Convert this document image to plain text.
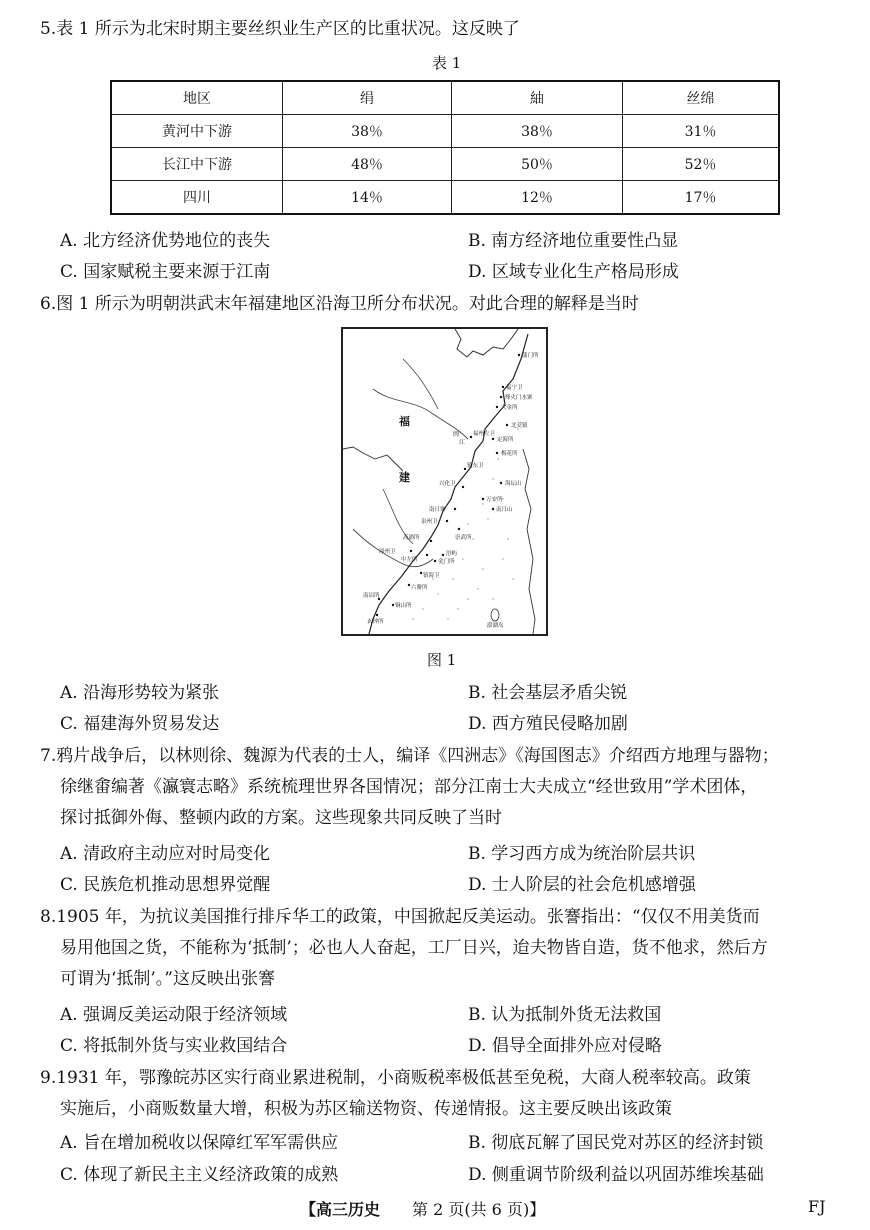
5.表 1 所示为北宋时期主要丝织业生产区的比重状况。这反映了
表 1
地区	绢	紬	丝绵
黄河中下游	38％	38％	31％
长江中下游	48％	50％	52％
四川	14％	12％	17％
A. 北方经济优势地位的丧失	B. 南方经济地位重要性凸显
C. 国家赋税主要来源于江南	D. 区域专业化生产格局形成
6.图 1 所示为明朝洪武末年福建地区沿海卫所分布状况。对此合理的解释是当时
福
建
闽
江
蒲门所
福宁卫
烽火门水寨
大金所
北茭镇
福州左卫
定海所
梅花所
镇东卫
海坛山
兴化卫
万安所
南日山
南日寨
泉州卫
崇武所
高浦所
金门所
漳州卫
中左所
浯屿
镇海卫
六鳌所
南诏所
铜山所
玄钟所
澎湖岛
图 1
A. 沿海形势较为紧张	B. 社会基层矛盾尖锐
C. 福建海外贸易发达	D. 西方殖民侵略加剧
7.鸦片战争后，以林则徐、魏源为代表的士人，编译《四洲志》《海国图志》介绍西方地理与器物；
徐继畬编著《瀛寰志略》系统梳理世界各国情况；部分江南士大夫成立“经世致用”学术团体，
探讨抵御外侮、整顿内政的方案。这些现象共同反映了当时
A. 清政府主动应对时局变化	B. 学习西方成为统治阶层共识
C. 民族危机推动思想界觉醒	D. 士人阶层的社会危机感增强
8.1905 年，为抗议美国推行排斥华工的政策，中国掀起反美运动。张謇指出：“仅仅不用美货而
易用他国之货，不能称为‘抵制’；必也人人奋起，工厂日兴，迨夫物皆自造，货不他求，然后方
可谓为‘抵制’。”这反映出张謇
A. 强调反美运动限于经济领域	B. 认为抵制外货无法救国
C. 将抵制外货与实业救国结合	D. 倡导全面排外应对侵略
9.1931 年，鄂豫皖苏区实行商业累进税制，小商贩税率极低甚至免税，大商人税率较高。政策
实施后，小商贩数量大增，积极为苏区输送物资、传递情报。这主要反映出该政策
A. 旨在增加税收以保障红军军需供应	B. 彻底瓦解了国民党对苏区的经济封锁
C. 体现了新民主主义经济政策的成熟	D. 侧重调节阶级利益以巩固苏维埃基础
【高三历史 第 2 页(共 6 页)】	FJ
